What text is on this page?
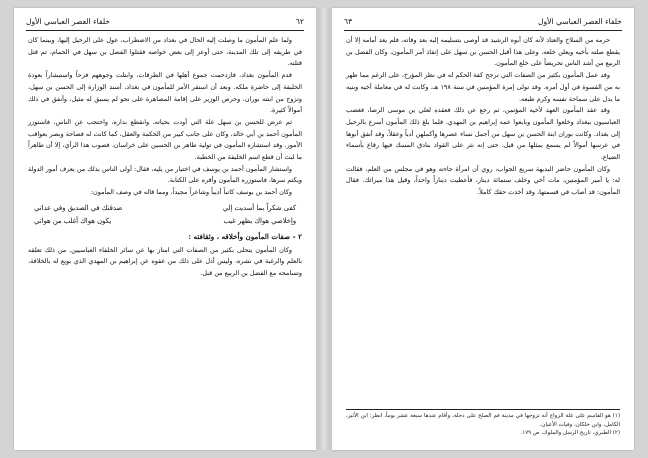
٦٢
خلفاء العصر العباسي الأول

ولما علم المأمون ما وصلت إليه الحال في بغداد من الاضطراب، عول على الرحيل إليها، وبينما كان في طريقه إلى تلك المدينة، حتى أوعز إلى بعض خواصه فقتلوا الفضل بن سهل في الحمام، ثم قتل قتلته.

قدم المأمون بغداد، فازدحمت جموع أهلها في الطرقات، وابتلت وجوههم فرحاً واستبشاراً بعودة الخليفة إلى حاضرة ملكه. وبعد أن استقر الأمر للمأمون في بغداد، أسند الوزارة إلى الحسن بن سهل، وتزوج من ابنته بوران. وحرص الوزير على إقامة المصاهرة على نحو لم يسبق له مثيل، وأنفق في ذلك أموالاً كثيرة.

ثم عرض للحسن بن سهل علة التي أودت بحياته، وانقطع بداره، واحتجب عن الناس، فاستوزر المأمون أحمد بن أبي خالد، وكان على جانب كبير من الحكمة والعقل، كما كانت له فصاحة وبصر بعواقب الأمور. وقد استشاره المأمون في تولية طاهر بن الحسين على خراسان، فصوب هذا الرأي، إلا أن طاهراً ما لبث أن قطع اسم الخليفة من الخطبة.

واستشار المأمون أحمد بن يوسف في اختيار من يليه، فقال: أولى الناس بذلك من يعرف أمور الدولة ويكتم سرها، فاستوزره المأمون وأقره على الكتابة.

وكان أحمد بن يوسف كاتباً أديباً وشاعراً مجيداً، ومما قاله في وصف المأمون:

كفى شكراً بما أسديت إلي
صدقتك في الصديق وفي عداتي
وإخلاصي هواك بظهر غيب
يكون هواك أغلب من هواتي
٢ - صفات المأمون وأخلاقه ، وثقافته :

وكان المأمون يتحلى بكثير من الصفات التي امتاز بها عن سائر الخلفاء العباسيين. من ذلك تعلقه بالعلم والرغبة في نشره. وليس أدل على ذلك من عفوه عن إبراهيم بن المهدي الذي بويع له بالخلافة، وتسامحه مع الفضل بن الربيع من قبل.

٦٣	خلفاء العصر العباسي الأول

حرمه من السلاح والعتاد لأنه كان أبوه الرشيد قد أوصى بتسليمه إليه بعد وفاته، فلم يعد أمامه إلا أن يقطع صلته بأخيه ويعلن خلعه. وعلى هذا أقبل الحسن بن سهل على إنفاذ أمر المأمون، وكان الفضل بن الربيع من أشد الناس تحريضاً على خلع المأمون.

وقد عمل المأمون بكثير من الصفات التي ترجح كفة الحكم له في نظر المؤرخ، على الرغم مما ظهر به من القسوة في أول أمره. وقد تولى إمرة المؤمنين في سنة ١٩٨ هـ، وكانت له في معاملة أخيه وبنيه ما يدل على سماحة نفسه وكرم طبعه.

وقد عقد المأمون العهد لأخيه المؤتمن، ثم رجع عن ذلك فعقده لعلي بن موسى الرضا، فغضب العباسيون ببغداد وخلعوا المأمون وبايعوا عمه إبراهيم بن المهدي، فلما بلغ ذلك المأمون أسرع بالرحيل إلى بغداد. وكانت بوران ابنة الحسن بن سهل من أجمل نساء عصرها وأكملهن أدباً وعقلاً، وقد أنفق أبوها في عرسها أموالاً لم يسمع بمثلها من قبل، حتى إنه نثر على القواد بنادق المسك فيها رقاع بأسماء الضياع.

وكان المأمون حاضر البديهة سريع الجواب، روي أن امرأة جاءته وهو في مجلس من العلم، فقالت له: يا أمير المؤمنين، مات أخي وخلف ستمائة دينار، فأعطيت ديناراً واحداً، وقيل هذا ميراثك. فقال المأمون: قد أصاب في قسمتها، وقد أخذت حقك كاملاً.

(١) هو القاسم على علة الزواج أنه تزوجها في مدينة فم الصلح على دجلة، وأقام عندها سبعة عشر يوماً، انظر: ابن الأثير، الكامل، وابن خلكان، وفيات الأعيان.

(٢) الطبري، تاريخ الرسل والملوك، ص ١٧٩.
